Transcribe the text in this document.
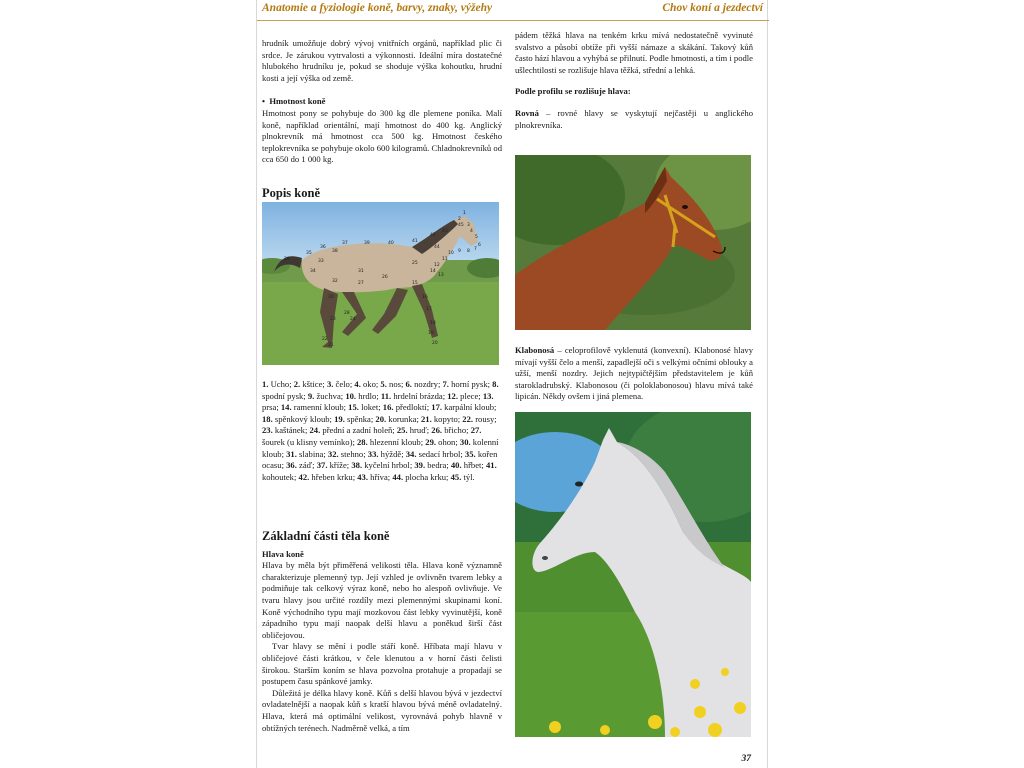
Anatomie a fyziologie koně, barvy, znaky, výžehy	Chov koní a jezdectví

hrudník umožňuje dobrý vývoj vnitřních orgánů, například plic či srdce. Je zárukou vytrvalosti a výkonnosti. Ideální míra dostatečné hlubokého hrudníku je, pokud se shoduje výška kohoutku, hrudní kosti a její výška od země.

•  Hmotnost koně

Hmotnost pony se pohybuje do 300 kg dle plemene poníka. Malí koně, například orientální, mají hmotnost do 400 kg. Anglický plnokrevník má hmotnost cca 500 kg. Hmotnost českého teplokrevníka se pohybuje okolo 600 kilogramů. Chladnokrevníků od cca 650 do 1 000 kg.

Popis koně

1
2
3
4
5
6
7
8
9
10
11
12
13
14
15
16
17
18
19
20
21
22
23	24
25
26
27
28
29
30
31
32
33
34
35
36
37
38
39	40	41
42
43
44
45
1. Ucho; 2. kštice; 3. čelo; 4. oko; 5. nos; 6. nozdry; 7. horní pysk; 8. spodní pysk; 9. žuchva; 10. hrdlo; 11. hrdelní brázda; 12. plece; 13. prsa; 14. ramenní kloub; 15. loket; 16. předloktí; 17. karpální kloub; 18. spěnkový kloub; 19. spěnka; 20. korunka; 21. kopyto; 22. rousy; 23. kaštánek; 24. přední a zadní holeň; 25. hruď; 26. břicho; 27. šourek (u klisny vemínko); 28. hlezenní kloub; 29. ohon; 30. kolenní kloub; 31. slabina; 32. stehno; 33. hýždě; 34. sedací hrbol; 35. kořen ocasu; 36. záď; 37. kříže; 38. kyčelní hrbol; 39. bedra; 40. hřbet; 41. kohoutek; 42. hřeben krku; 43. hříva; 44. plocha krku; 45. týl.

Základní části těla koně

Hlava koně

Hlava by měla být přiměřená velikosti těla. Hlava koně významně charakterizuje plemenný typ. Její vzhled je ovlivněn tvarem lebky a podmiňuje tak celkový výraz koně, nebo ho alespoň ovlivňuje. Ve tvaru hlavy jsou určité rozdíly mezi plemennými skupinami koní. Koně východního typu mají mozkovou část lebky vyvinutější, koně západního typu mají naopak delší hlavu a poněkud širší část obličejovou.

Tvar hlavy se mění i podle stáří koně. Hříbata mají hlavu v obličejové části krátkou, v čele klenutou a v horní části čelisti širokou. Starším koním se hlava pozvolna protahuje a propadají se postupem času spánkové jamky.

Důležitá je délka hlavy koně. Kůň s delší hlavou bývá v jezdectví ovladatelnější a naopak kůň s kratší hlavou bývá méně ovladatelný. Hlava, která má optimální velikost, vyrovnává pohyb hlavně v obtížných terénech. Nadměrně velká, a tím

pádem těžká hlava na tenkém krku mívá nedostatečně vyvinuté svalstvo a působí obtíže při vyšší námaze a skákání. Takový kůň často hází hlavou a vyhýbá se přilnutí. Podle hmotnosti, a tím i podle ušlechtilosti se rozlišuje hlava těžká, střední a lehká.

Podle profilu se rozlišuje hlava:

Rovná – rovné hlavy se vyskytují nejčastěji u anglického plnokrevníka.

Klabonosá – celoprofilově vyklenutá (konvexní). Klabonosé hlavy mívají vyšší čelo a menší, zapadlejší oči s velkými očními oblouky a užší, menší nozdry. Jejich nejtypičtějším představitelem je kůň starokladrubský. Klabonosou (či poloklabonosou) hlavu mívá také lipicán. Někdy ovšem i jiná plemena.

37
